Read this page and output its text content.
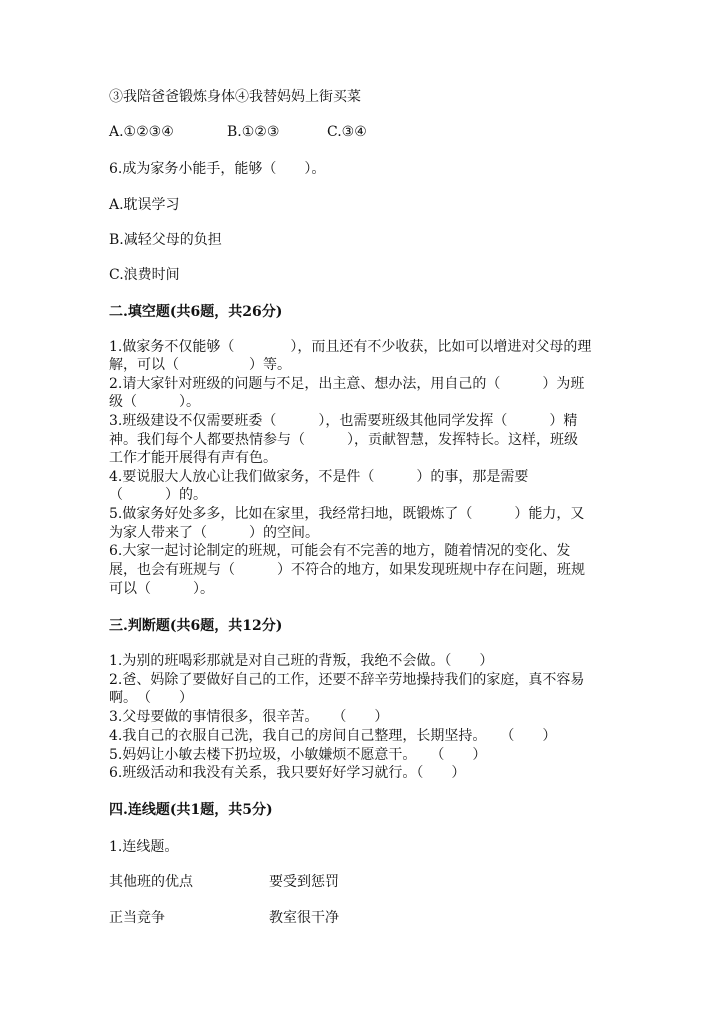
③我陪爸爸锻炼身体④我替妈妈上街买菜
A.①②③④	B.①②③	C.③④
6.成为家务小能手，能够（　　）。
A.耽误学习
B.减轻父母的负担
C.浪费时间
二.填空题(共6题，共26分)
1.做家务不仅能够（　　　　），而且还有不少收获，比如可以增进对父母的理
解，可以（　　　　　）等。
2.请大家针对班级的问题与不足，出主意、想办法，用自己的（　　　）为班
级（　　　）。
3.班级建设不仅需要班委（　　　），也需要班级其他同学发挥（　　　）精
神。我们每个人都要热情参与（　　　），贡献智慧，发挥特长。这样，班级
工作才能开展得有声有色。
4.要说服大人放心让我们做家务，不是件（　　　）的事，那是需要
（　　　）的。
5.做家务好处多多，比如在家里，我经常扫地，既锻炼了（　　　）能力，又
为家人带来了（　　　）的空间。
6.大家一起讨论制定的班规，可能会有不完善的地方，随着情况的变化、发
展，也会有班规与（　　　）不符合的地方，如果发现班规中存在问题，班规
可以（　　　）。
三.判断题(共6题，共12分)
1.为别的班喝彩那就是对自己班的背叛，我绝不会做。（　　）
2.爸、妈除了要做好自己的工作，还要不辞辛劳地操持我们的家庭，真不容易
啊。　（　　）
3.父母要做的事情很多，很辛苦。　　（　　）
4.我自己的衣服自己洗，我自己的房间自己整理，长期坚持。　　（　　）
5.妈妈让小敏去楼下扔垃圾，小敏嫌烦不愿意干。　　（　　）
6.班级活动和我没有关系，我只要好好学习就行。（　　）
四.连线题(共1题，共5分)
1.连线题。
其他班的优点	要受到惩罚
正当竞争	教室很干净
